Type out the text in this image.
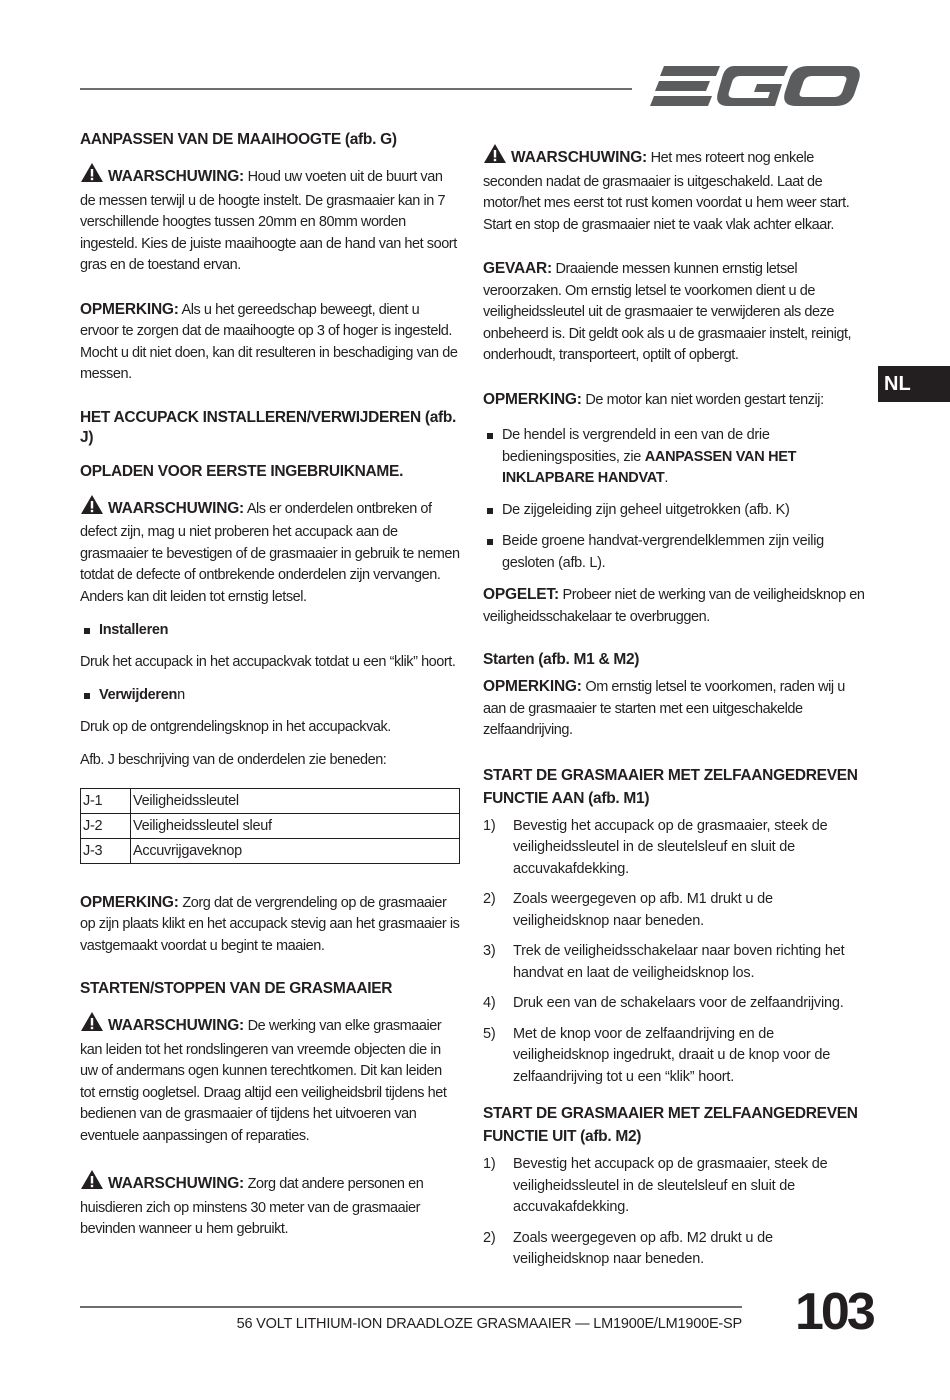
NL
AANPASSEN VAN DE MAAIHOOGTE (afb. G)

WAARSCHUWING: Houd uw voeten uit de buurt van de messen terwijl u de hoogte instelt. De grasmaaier kan in 7 verschillende hoogtes tussen 20mm en 80mm worden ingesteld. Kies de juiste maaihoogte aan de hand van het soort gras en de toestand ervan.

OPMERKING: Als u het gereedschap beweegt, dient u ervoor te zorgen dat de maaihoogte op 3 of hoger is ingesteld. Mocht u dit niet doen, kan dit resulteren in beschadiging van de messen.

HET ACCUPACK INSTALLEREN/VERWIJDEREN (afb. J)
OPLADEN VOOR EERSTE INGEBRUIKNAME.

WAARSCHUWING: Als er onderdelen ontbreken of defect zijn, mag u niet proberen het accupack aan de grasmaaier te bevestigen of de grasmaaier in gebruik te nemen totdat de defecte of ontbrekende onderdelen zijn vervangen. Anders kan dit leiden tot ernstig letsel.

Installeren

Druk het accupack in het accupackvak totdat u een “klik” hoort.

Verwijderenn

Druk op de ontgrendelingsknop in het accupackvak.

Afb. J beschrijving van de onderdelen zie beneden:

J-1	Veiligheidssleutel
J-2	Veiligheidssleutel sleuf
J-3	Accuvrijgaveknop

OPMERKING: Zorg dat de vergrendeling op de grasmaaier op zijn plaats klikt en het accupack stevig aan het grasmaaier is vastgemaakt voordat u begint te maaien.

STARTEN/STOPPEN VAN DE GRASMAAIER

WAARSCHUWING: De werking van elke grasmaaier kan leiden tot het rondslingeren van vreemde objecten die in uw of andermans ogen kunnen terechtkomen. Dit kan leiden tot ernstig oogletsel. Draag altijd een veiligheidsbril tijdens het bedienen van de grasmaaier of tijdens het uitvoeren van eventuele aanpassingen of reparaties.

WAARSCHUWING: Zorg dat andere personen en huisdieren zich op minstens 30 meter van de grasmaaier bevinden wanneer u hem gebruikt.

WAARSCHUWING: Het mes roteert nog enkele seconden nadat de grasmaaier is uitgeschakeld. Laat de motor/het mes eerst tot rust komen voordat u hem weer start. Start en stop de grasmaaier niet te vaak vlak achter elkaar.

GEVAAR: Draaiende messen kunnen ernstig letsel veroorzaken. Om ernstig letsel te voorkomen dient u de veiligheidssleutel uit de grasmaaier te verwijderen als deze onbeheerd is. Dit geldt ook als u de grasmaaier instelt, reinigt, onderhoudt, transporteert, optilt of opbergt.

OPMERKING: De motor kan niet worden gestart tenzij:

De hendel is vergrendeld in een van de drie bedieningsposities, zie AANPASSEN VAN HET INKLAPBARE HANDVAT.
De zijgeleiding zijn geheel uitgetrokken (afb. K)
Beide groene handvat-vergrendelklemmen zijn veilig gesloten (afb. L).

OPGELET: Probeer niet de werking van de veiligheidsknop en veiligheidsschakelaar te overbruggen.

Starten (afb. M1 & M2)

OPMERKING: Om ernstig letsel te voorkomen, raden wij u aan de grasmaaier te starten met een uitgeschakelde zelfaandrijving.

START DE GRASMAAIER MET ZELFAANGEDREVEN FUNCTIE AAN (afb. M1)
1) Bevestig het accupack op de grasmaaier, steek de veiligheidssleutel in de sleutelsleuf en sluit de accuvakafdekking.
2) Zoals weergegeven op afb. M1 drukt u de veiligheidsknop naar beneden.
3) Trek de veiligheidsschakelaar naar boven richting het handvat en laat de veiligheidsknop los.
4) Druk een van de schakelaars voor de zelfaandrijving.
5) Met de knop voor de zelfaandrijving en de veiligheidsknop ingedrukt, draait u de knop voor de zelfaandrijving tot u een “klik” hoort.
START DE GRASMAAIER MET ZELFAANGEDREVEN FUNCTIE UIT (afb. M2)
1) Bevestig het accupack op de grasmaaier, steek de veiligheidssleutel in de sleutelsleuf en sluit de accuvakafdekking.
2) Zoals weergegeven op afb. M2 drukt u de veiligheidsknop naar beneden.
56 VOLT LITHIUM-ION DRAADLOZE GRASMAAIER — LM1900E/LM1900E-SP 103
